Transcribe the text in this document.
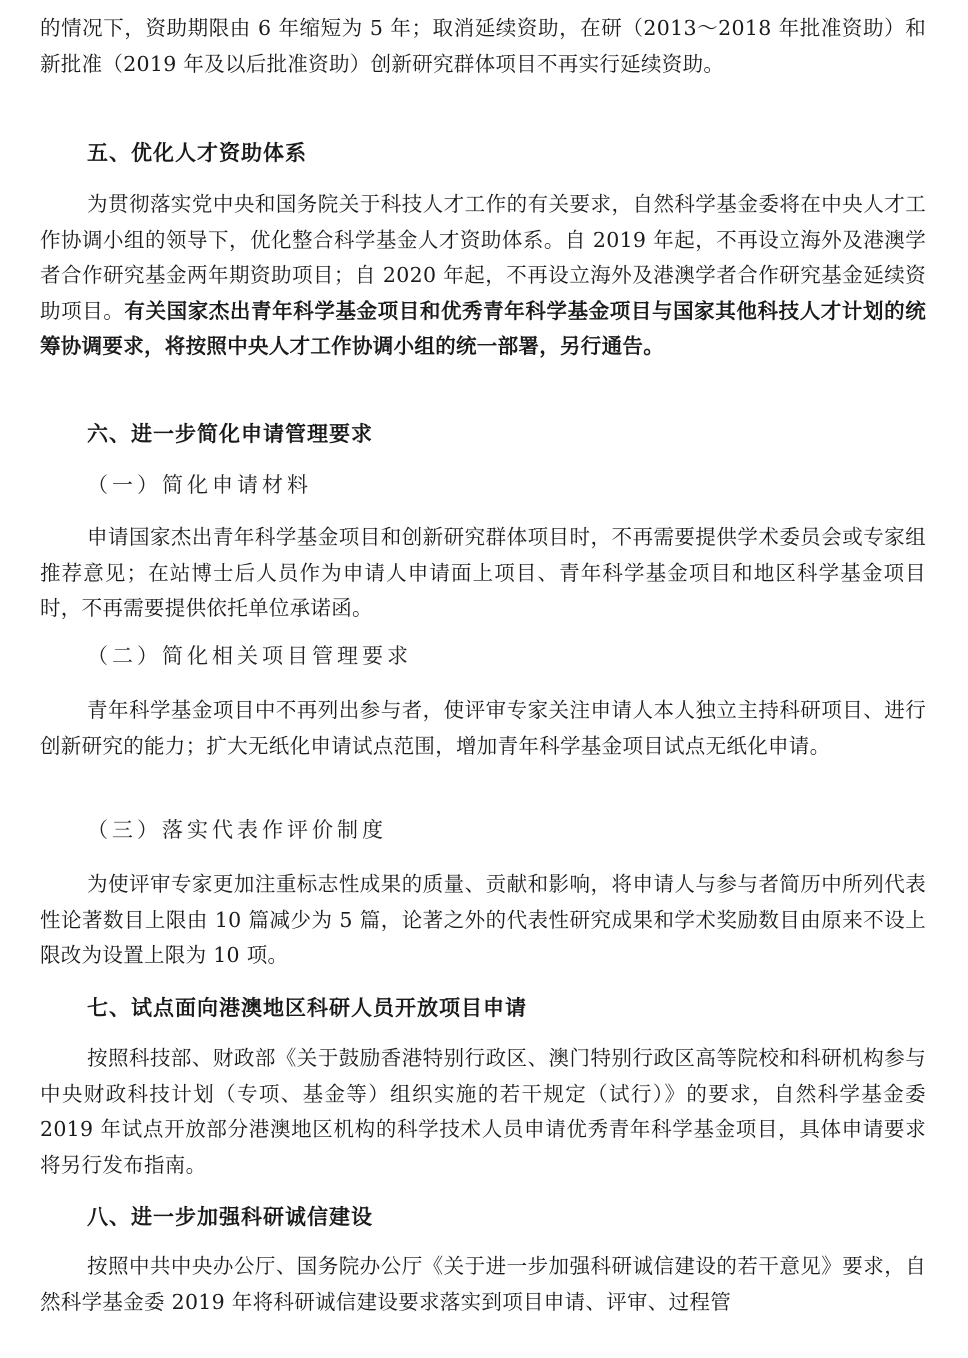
的情况下，资助期限由 6 年缩短为 5 年；取消延续资助，在研（2013～2018 年批准资助）和新批准（2019 年及以后批准资助）创新研究群体项目不再实行延续资助。

五、优化人才资助体系

为贯彻落实党中央和国务院关于科技人才工作的有关要求，自然科学基金委将在中央人才工作协调小组的领导下，优化整合科学基金人才资助体系。自 2019 年起，不再设立海外及港澳学者合作研究基金两年期资助项目；自 2020 年起，不再设立海外及港澳学者合作研究基金延续资助项目。有关国家杰出青年科学基金项目和优秀青年科学基金项目与国家其他科技人才计划的统筹协调要求，将按照中央人才工作协调小组的统一部署，另行通告。

六、进一步简化申请管理要求
（一）简化申请材料

申请国家杰出青年科学基金项目和创新研究群体项目时，不再需要提供学术委员会或专家组推荐意见；在站博士后人员作为申请人申请面上项目、青年科学基金项目和地区科学基金项目时，不再需要提供依托单位承诺函。

（二）简化相关项目管理要求

青年科学基金项目中不再列出参与者，使评审专家关注申请人本人独立主持科研项目、进行创新研究的能力；扩大无纸化申请试点范围，增加青年科学基金项目试点无纸化申请。

（三）落实代表作评价制度

为使评审专家更加注重标志性成果的质量、贡献和影响，将申请人与参与者简历中所列代表性论著数目上限由 10 篇减少为 5 篇，论著之外的代表性研究成果和学术奖励数目由原来不设上限改为设置上限为 10 项。

七、试点面向港澳地区科研人员开放项目申请

按照科技部、财政部《关于鼓励香港特别行政区、澳门特别行政区高等院校和科研机构参与中央财政科技计划（专项、基金等）组织实施的若干规定（试行）》的要求，自然科学基金委 2019 年试点开放部分港澳地区机构的科学技术人员申请优秀青年科学基金项目，具体申请要求将另行发布指南。

八、进一步加强科研诚信建设

按照中共中央办公厅、国务院办公厅《关于进一步加强科研诚信建设的若干意见》要求，自然科学基金委 2019 年将科研诚信建设要求落实到项目申请、评审、过程管
